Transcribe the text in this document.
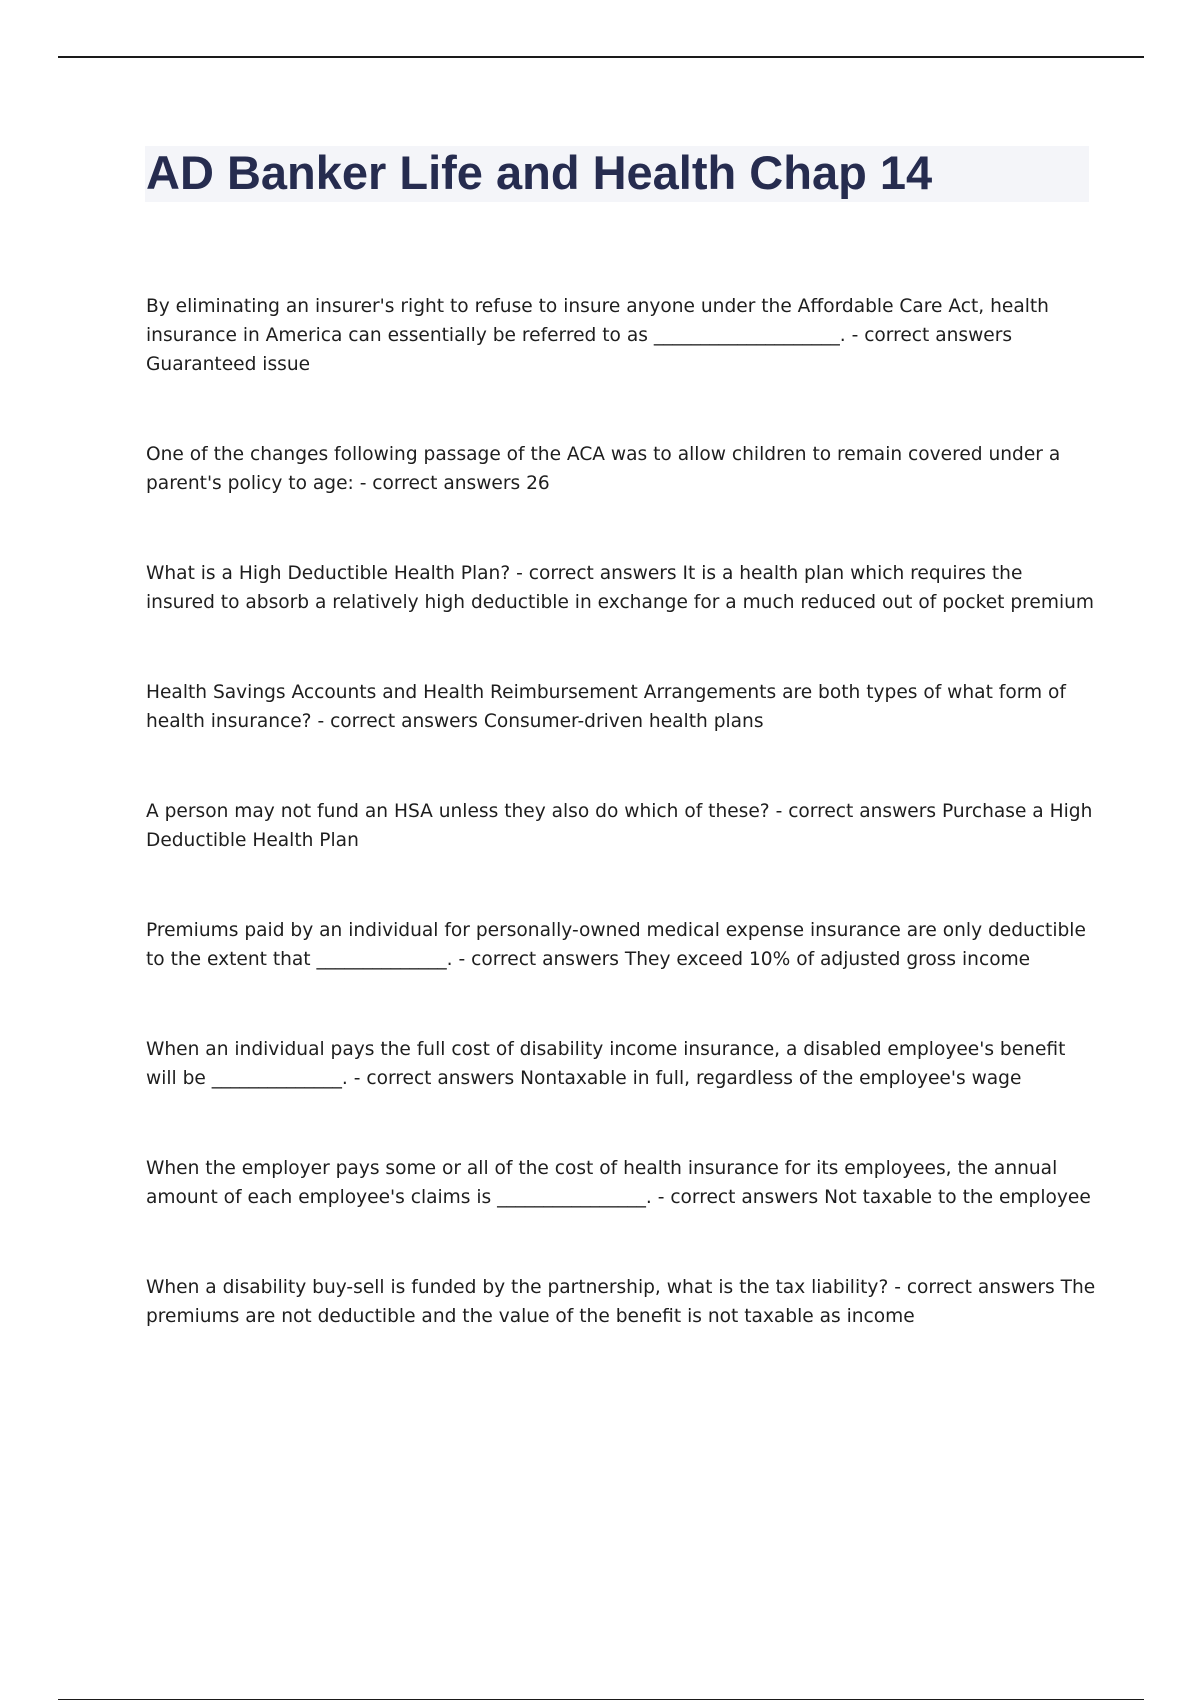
AD Banker Life and Health Chap 14
By eliminating an insurer's right to refuse to insure anyone under the Affordable Care Act, health insurance in America can essentially be referred to as ____________________. - correct answers Guaranteed issue
One of the changes following passage of the ACA was to allow children to remain covered under a parent's policy to age: - correct answers 26
What is a High Deductible Health Plan? - correct answers It is a health plan which requires the insured to absorb a relatively high deductible in exchange for a much reduced out of pocket premium
Health Savings Accounts and Health Reimbursement Arrangements are both types of what form of health insurance? - correct answers Consumer-driven health plans
A person may not fund an HSA unless they also do which of these? - correct answers Purchase a High Deductible Health Plan
Premiums paid by an individual for personally-owned medical expense insurance are only deductible to the extent that ______________. - correct answers They exceed 10% of adjusted gross income
When an individual pays the full cost of disability income insurance, a disabled employee's benefit will be ______________. - correct answers Nontaxable in full, regardless of the employee's wage
When the employer pays some or all of the cost of health insurance for its employees, the annual amount of each employee's claims is ________________. - correct answers Not taxable to the employee
When a disability buy-sell is funded by the partnership, what is the tax liability? - correct answers The premiums are not deductible and the value of the benefit is not taxable as income
